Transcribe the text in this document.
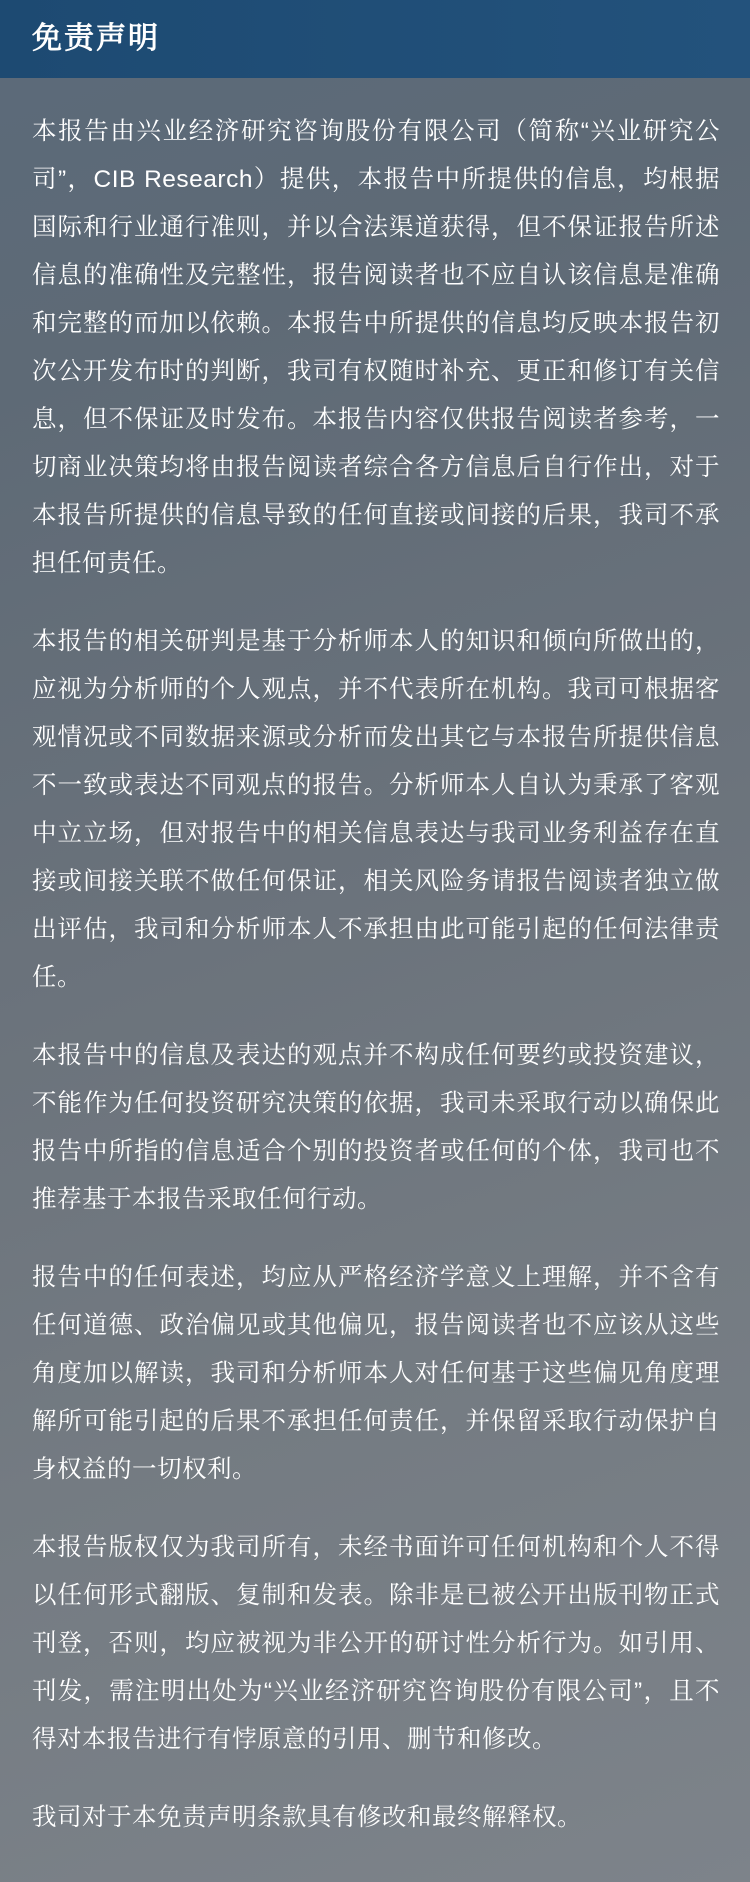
免责声明

本报告由兴业经济研究咨询股份有限公司（简称“兴业研究公司”，CIB Research）提供，本报告中所提供的信息，均根据国际和行业通行准则，并以合法渠道获得，但不保证报告所述信息的准确性及完整性，报告阅读者也不应自认该信息是准确和完整的而加以依赖。本报告中所提供的信息均反映本报告初次公开发布时的判断，我司有权随时补充、更正和修订有关信息，但不保证及时发布。本报告内容仅供报告阅读者参考，一切商业决策均将由报告阅读者综合各方信息后自行作出，对于本报告所提供的信息导致的任何直接或间接的后果，我司不承担任何责任。

本报告的相关研判是基于分析师本人的知识和倾向所做出的，应视为分析师的个人观点，并不代表所在机构。我司可根据客观情况或不同数据来源或分析而发出其它与本报告所提供信息不一致或表达不同观点的报告。分析师本人自认为秉承了客观中立立场，但对报告中的相关信息表达与我司业务利益存在直接或间接关联不做任何保证，相关风险务请报告阅读者独立做出评估，我司和分析师本人不承担由此可能引起的任何法律责任。

本报告中的信息及表达的观点并不构成任何要约或投资建议，不能作为任何投资研究决策的依据，我司未采取行动以确保此报告中所指的信息适合个别的投资者或任何的个体，我司也不推荐基于本报告采取任何行动。

报告中的任何表述，均应从严格经济学意义上理解，并不含有任何道德、政治偏见或其他偏见，报告阅读者也不应该从这些角度加以解读，我司和分析师本人对任何基于这些偏见角度理解所可能引起的后果不承担任何责任，并保留采取行动保护自身权益的一切权利。

本报告版权仅为我司所有，未经书面许可任何机构和个人不得以任何形式翻版、复制和发表。除非是已被公开出版刊物正式刊登，否则，均应被视为非公开的研讨性分析行为。如引用、刊发，需注明出处为“兴业经济研究咨询股份有限公司”，且不得对本报告进行有悖原意的引用、删节和修改。

我司对于本免责声明条款具有修改和最终解释权。
